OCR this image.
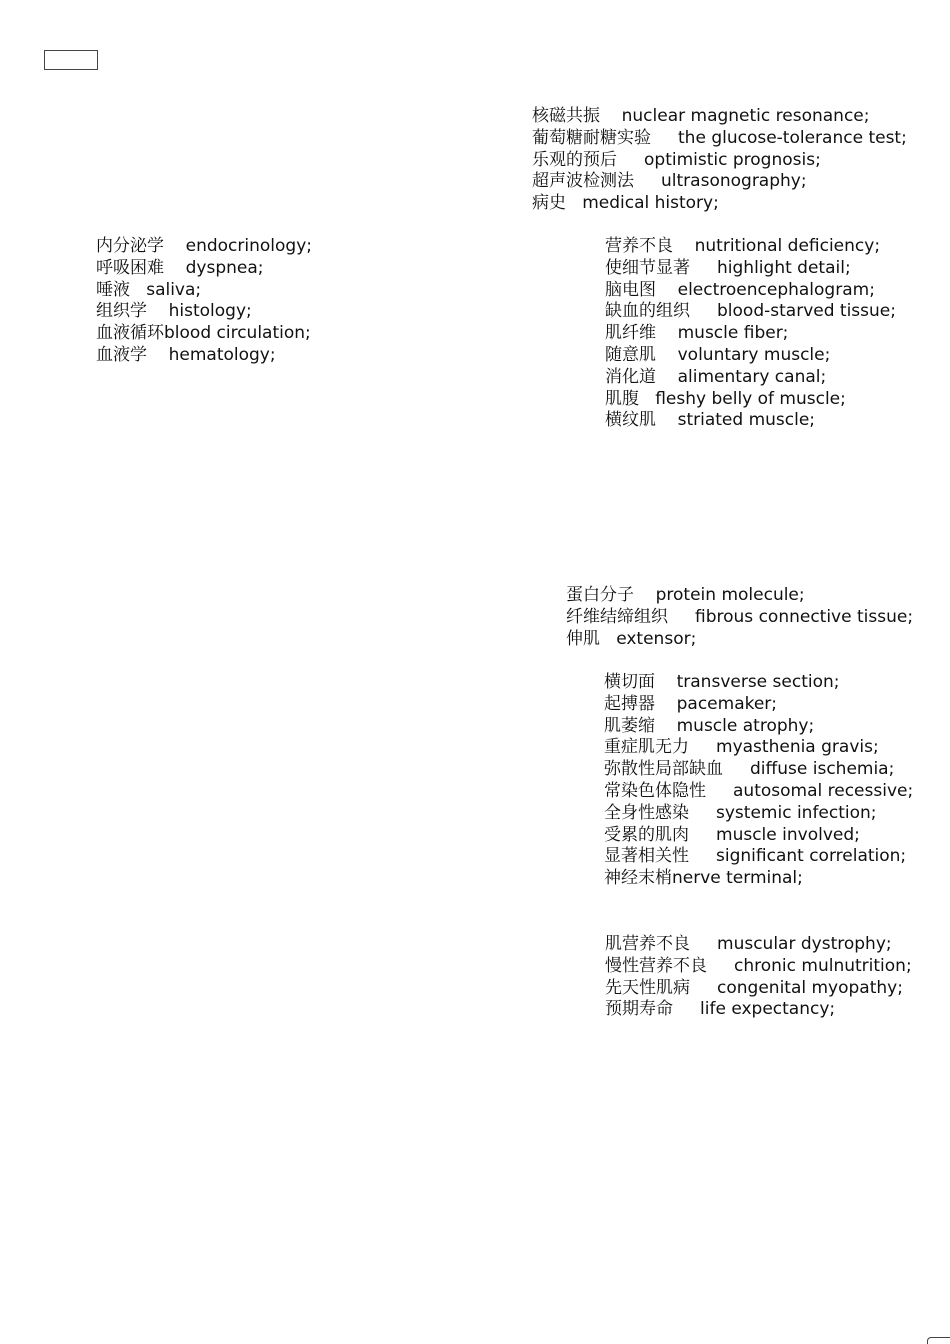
核磁共振    nuclear magnetic resonance;
葡萄糖耐糖实验     the glucose-tolerance test;
乐观的预后     optimistic prognosis;
超声波检测法     ultrasonography;
病史   medical history;
内分泌学    endocrinology;
呼吸困难    dyspnea;
唾液   saliva;
组织学    histology;
血液循环blood circulation;
血液学    hematology;
营养不良    nutritional deficiency;
使细节显著     highlight detail;
脑电图    electroencephalogram;
缺血的组织     blood-starved tissue;
肌纤维    muscle fiber;
随意肌    voluntary muscle;
消化道    alimentary canal;
肌腹   fleshy belly of muscle;
横纹肌    striated muscle;
蛋白分子    protein molecule;
纤维结缔组织     fibrous connective tissue;
伸肌   extensor;
横切面    transverse section;
起搏器    pacemaker;
肌萎缩    muscle atrophy;
重症肌无力     myasthenia gravis;
弥散性局部缺血     diffuse ischemia;
常染色体隐性     autosomal recessive;
全身性感染     systemic infection;
受累的肌肉     muscle involved;
显著相关性     significant correlation;
神经末梢nerve terminal;
肌营养不良     muscular dystrophy;
慢性营养不良     chronic mulnutrition;
先天性肌病     congenital myopathy;
预期寿命     life expectancy;
